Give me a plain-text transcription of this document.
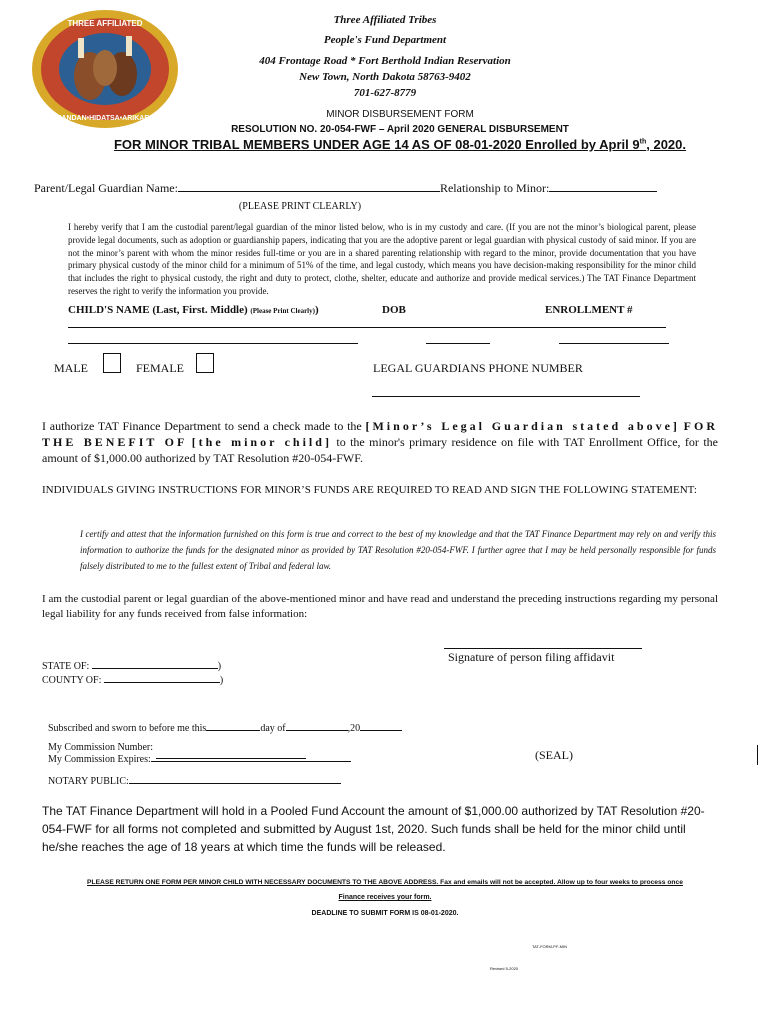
THREE AFFILIATED
MANDAN•HIDATSA•ARIKARA
Three Affiliated Tribes
People's Fund Department
404 Frontage Road * Fort Berthold Indian Reservation
New Town, North Dakota 58763-9402
701-627-8779
MINOR DISBURSEMENT FORM
RESOLUTION NO. 20-054-FWF – April 2020 GENERAL DISBURSEMENT
FOR MINOR TRIBAL MEMBERS UNDER AGE 14 AS OF 08-01-2020 Enrolled by April 9th, 2020.
Parent/Legal Guardian Name:	Relationship to Minor:
(PLEASE PRINT CLEARLY)
I hereby verify that I am the custodial parent/legal guardian of the minor listed below, who is in my custody and care. (If you are not the minor’s biological parent, please provide legal documents, such as adoption or guardianship papers, indicating that you are the adoptive parent or legal guardian with physical custody of said minor. If you are not the minor’s parent with whom the minor resides full-time or you are in a shared parenting relationship with regard to the minor, provide documentation that you have primary physical custody of the minor child for a minimum of 51% of the time, and legal custody, which means you have decision-making responsibility for the minor child that includes the right to physical custody, the right and duty to protect, clothe, shelter, educate and authorize and provide medical services.) The TAT Finance Department reserves the right to verify the information you provide.
CHILD'S NAME (Last, First. Middle) (Please Print Clearly))	DOB	ENROLLMENT #
MALE	FEMALE	LEGAL GUARDIANS PHONE NUMBER
I authorize TAT Finance Department to send a check made to the [Minor’s Legal Guardian stated above] FOR THE BENEFIT OF [the minor child] to the minor's primary residence on file with TAT Enrollment Office, for the amount of $1,000.00 authorized by TAT Resolution #20-054-FWF.
INDIVIDUALS GIVING INSTRUCTIONS FOR MINOR’S FUNDS ARE REQUIRED TO READ AND SIGN THE FOLLOWING STATEMENT:
I certify and attest that the information furnished on this form is true and correct to the best of my knowledge and that the TAT Finance Department may rely on and verify this information to authorize the funds for the designated minor as provided by TAT Resolution #20-054-FWF. I further agree that I may be held personally responsible for funds falsely distributed to me to the fullest extent of Tribal and federal law.
I am the custodial parent or legal guardian of the above-mentioned minor and have read and understand the preceding instructions regarding my personal legal liability for any funds received from false information:
Signature of person filing affidavit
STATE OF:	)
COUNTY OF:	)
Subscribed and sworn to before me this	day of	,20
My Commission Number:
My Commission Expires:	(SEAL)
NOTARY PUBLIC:
The TAT Finance Department will hold in a Pooled Fund Account the amount of $1,000.00 authorized by TAT Resolution #20-054-FWF for all forms not completed and submitted by August 1st, 2020. Such funds shall be held for the minor child until he/she reaches the age of 18 years at which time the funds will be released.
PLEASE RETURN ONE FORM PER MINOR CHILD WITH NECESSARY DOCUMENTS TO THE ABOVE ADDRESS. Fax and emails will not be accepted. Allow up to four weeks to process once
Finance receives your form.
DEADLINE TO SUBMIT FORM IS 08-01-2020.
TAT-FORM-PF-MIN
Revised 5-2020
